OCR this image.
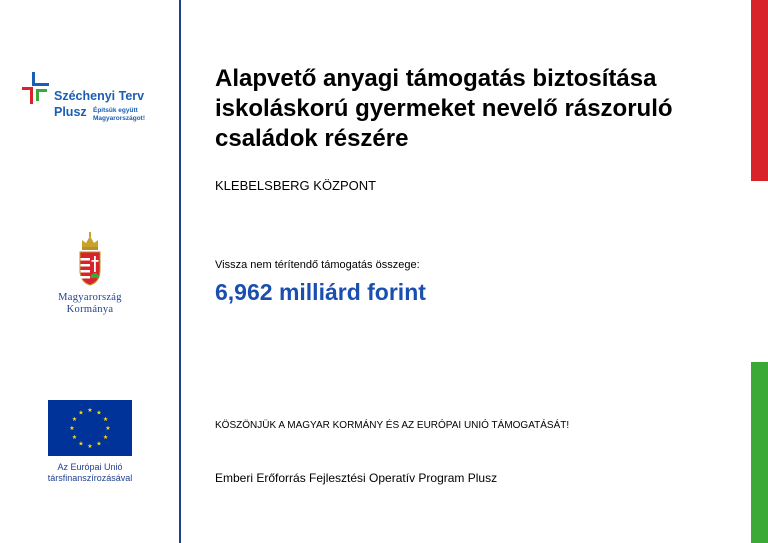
Széchenyi Terv
Plusz Építsük együtt
Magyarországot!
Magyarország
Kormánya
★ ★
★
★
★
★
★
★
★
★
★
★
Az Európai Unió
társfinanszírozásával
Alapvető anyagi támogatás biztosítása iskoláskorú gyermeket nevelő rászoruló családok részére
KLEBELSBERG KÖZPONT
Vissza nem térítendő támogatás összege:
6,962 milliárd forint
KÖSZÖNJÜK A MAGYAR KORMÁNY ÉS AZ EURÓPAI UNIÓ TÁMOGATÁSÁT!
Emberi Erőforrás Fejlesztési Operatív Program Plusz
